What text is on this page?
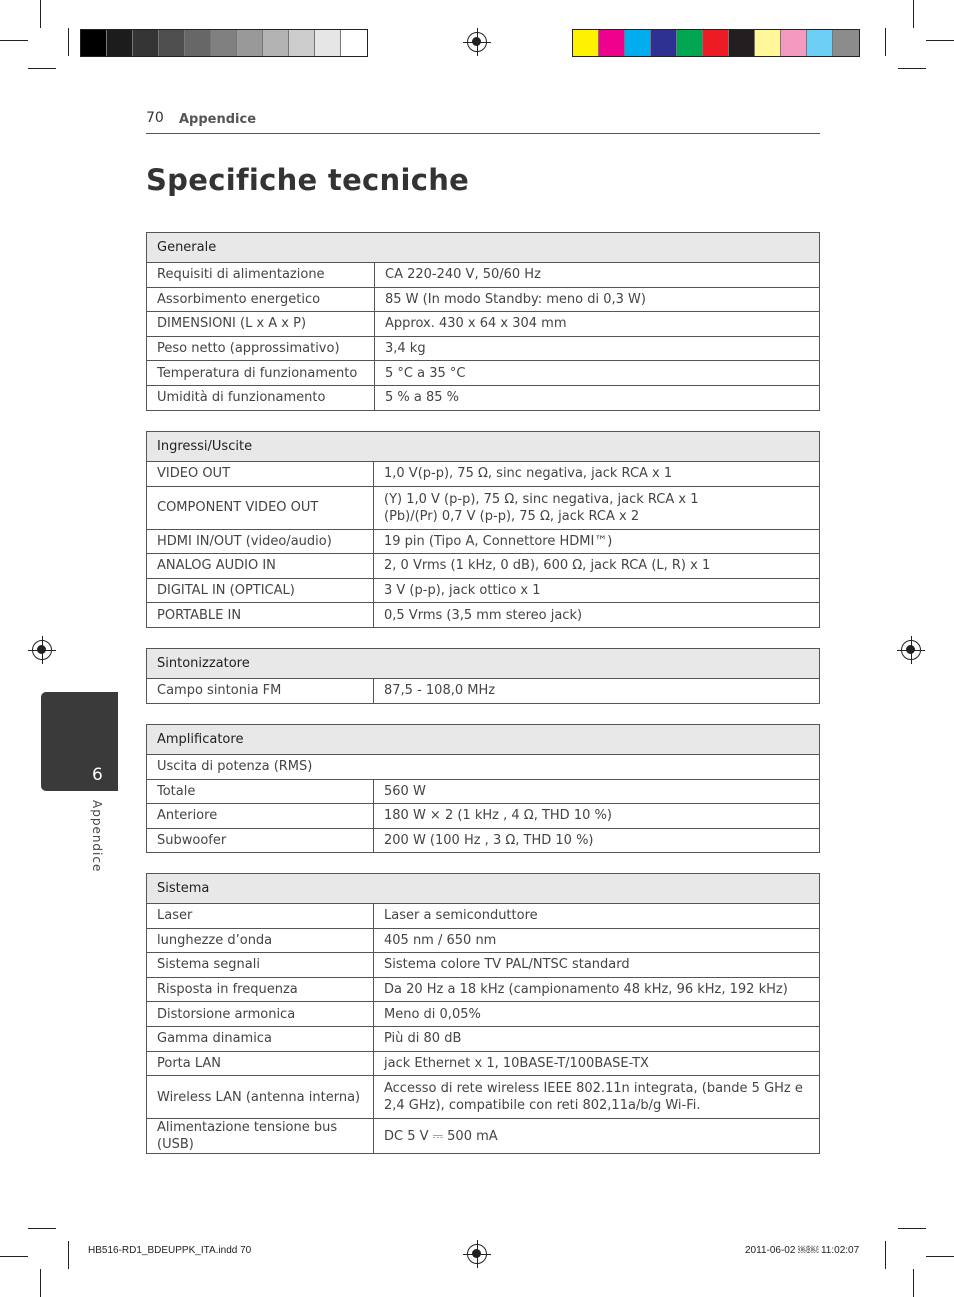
70 Appendice
Specifiche tecniche
6
Appendice
Generale	
Requisiti di alimentazione	CA 220-240 V, 50/60 Hz
Assorbimento energetico	85 W (In modo Standby: meno di 0,3 W)
DIMENSIONI (L x A x P)	Approx. 430 x 64 x 304 mm
Peso netto (approssimativo)	3,4 kg
Temperatura di funzionamento	5 °C a 35 °C
Umidità di funzionamento	5 % a 85 %
Ingressi/Uscite	
VIDEO OUT	1,0 V(p-p), 75 Ω, sinc negativa, jack RCA x 1
COMPONENT VIDEO OUT	(Y) 1,0 V (p-p), 75 Ω, sinc negativa, jack RCA x 1
(Pb)/(Pr) 0,7 V (p-p), 75 Ω, jack RCA x 2
HDMI IN/OUT (video/audio)	19 pin (Tipo A, Connettore HDMI™)
ANALOG AUDIO IN	2, 0 Vrms (1 kHz, 0 dB), 600 Ω, jack RCA (L, R) x 1
DIGITAL IN (OPTICAL)	3 V (p-p), jack ottico x 1
PORTABLE IN	0,5 Vrms (3,5 mm stereo jack)
Sintonizzatore
Campo sintonia FM	87,5 - 108,0 MHz
Amplificatore	
Uscita di potenza (RMS)	
Totale	560 W
Anteriore	180 W × 2 (1 kHz , 4 Ω, THD 10 %)
Subwoofer	200 W (100 Hz , 3 Ω, THD 10 %)
Sistema	
Laser	Laser a semiconduttore
lunghezze d’onda	405 nm / 650 nm
Sistema segnali	Sistema colore TV PAL/NTSC standard
Risposta in frequenza	Da 20 Hz a 18 kHz (campionamento 48 kHz, 96 kHz, 192 kHz)
Distorsione armonica	Meno di 0,05%
Gamma dinamica	Più di 80 dB
Porta LAN	jack Ethernet x 1, 10BASE-T/100BASE-TX
Wireless LAN (antenna interna)	Accesso di rete wireless IEEE 802.11n integrata, (bande 5 GHz e
2,4 GHz), compatibile con reti 802,11a/b/g Wi-Fi.
Alimentazione tensione bus (USB)	DC 5 V ⎓ 500 mA
HB516-RD1_BDEUPPK_ITA.indd 70	2011-06-02 ￼￼ 11:02:07
